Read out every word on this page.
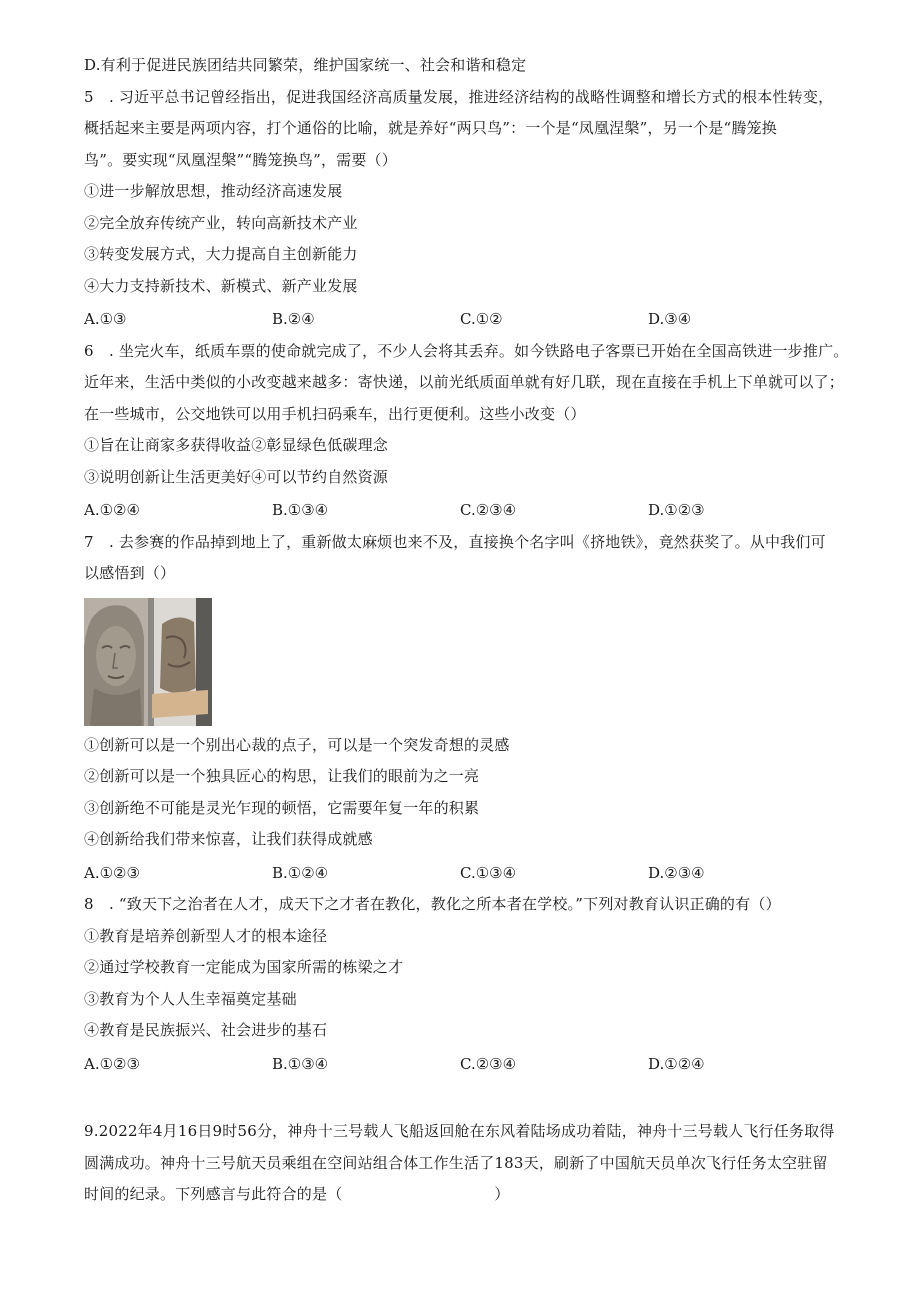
D.有利于促进民族团结共同繁荣，维护国家统一、社会和谐和稳定
5　. 习近平总书记曾经指出，促进我国经济高质量发展，推进经济结构的战略性调整和增长方式的根本性转变，
概括起来主要是两项内容，打个通俗的比喻，就是养好“两只鸟”：一个是“凤凰涅槃”，另一个是“腾笼换
鸟”。要实现“凤凰涅槃”“腾笼换鸟”，需要（）
①进一步解放思想，推动经济高速发展
②完全放弃传统产业，转向高新技术产业
③转变发展方式，大力提高自主创新能力
④大力支持新技术、新模式、新产业发展
A.①③	B.②④	C.①②	D.③④
6　. 坐完火车，纸质车票的使命就完成了，不少人会将其丢弃。如今铁路电子客票已开始在全国高铁进一步推广。
近年来，生活中类似的小改变越来越多：寄快递，以前光纸质面单就有好几联，现在直接在手机上下单就可以了；
在一些城市，公交地铁可以用手机扫码乘车，出行更便利。这些小改变（）
①旨在让商家多获得收益②彰显绿色低碳理念
③说明创新让生活更美好④可以节约自然资源
A.①②④	B.①③④	C.②③④	D.①②③
7　. 去参赛的作品掉到地上了，重新做太麻烦也来不及，直接换个名字叫《挤地铁》，竟然获奖了。从中我们可
以感悟到（）
①创新可以是一个别出心裁的点子，可以是一个突发奇想的灵感
②创新可以是一个独具匠心的构思，让我们的眼前为之一亮
③创新绝不可能是灵光乍现的顿悟，它需要年复一年的积累
④创新给我们带来惊喜，让我们获得成就感
A.①②③	B.①②④	C.①③④	D.②③④
8　. “致天下之治者在人才，成天下之才者在教化，教化之所本者在学校。”下列对教育认识正确的有（）
①教育是培养创新型人才的根本途径
②通过学校教育一定能成为国家所需的栋梁之才
③教育为个人人生幸福奠定基础
④教育是民族振兴、社会进步的基石
A.①②③	B.①③④	C.②③④	D.①②④
9.2022年4月16日9时56分，神舟十三号载人飞船返回舱在东风着陆场成功着陆，神舟十三号载人飞行任务取得
圆满成功。神舟十三号航天员乘组在空间站组合体工作生活了183天，刷新了中国航天员单次飞行任务太空驻留
时间的纪录。下列感言与此符合的是（　　　　　　　　　　）
